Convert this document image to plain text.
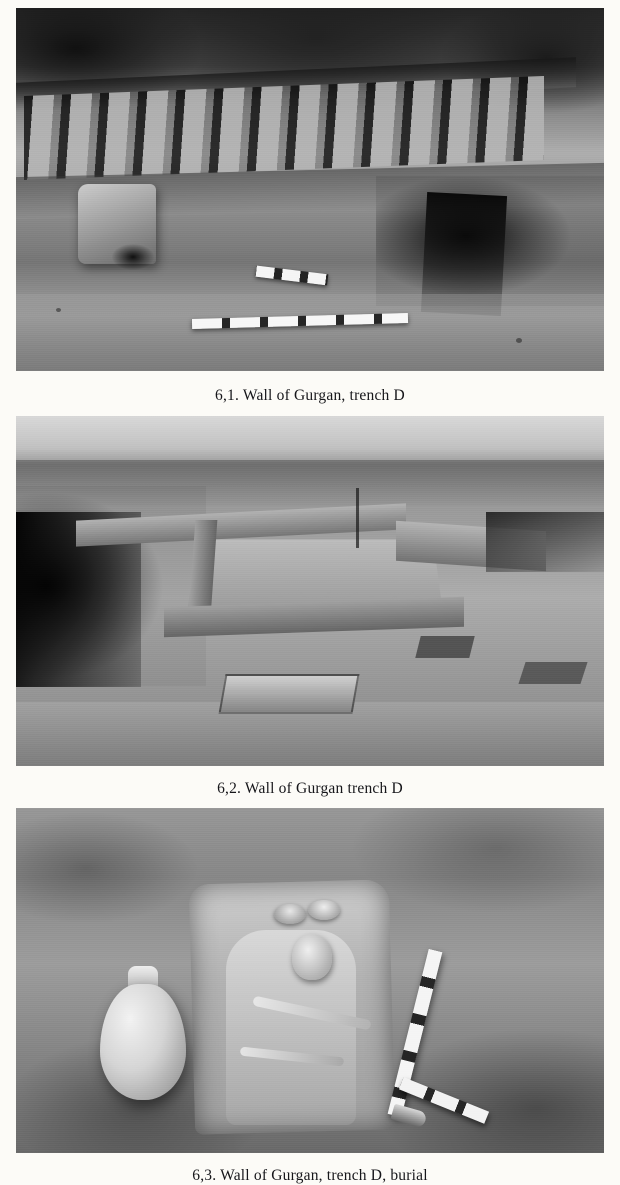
6,1. Wall of Gurgan, trench D
6,2. Wall of Gurgan trench D
6,3. Wall of Gurgan, trench D, burial
